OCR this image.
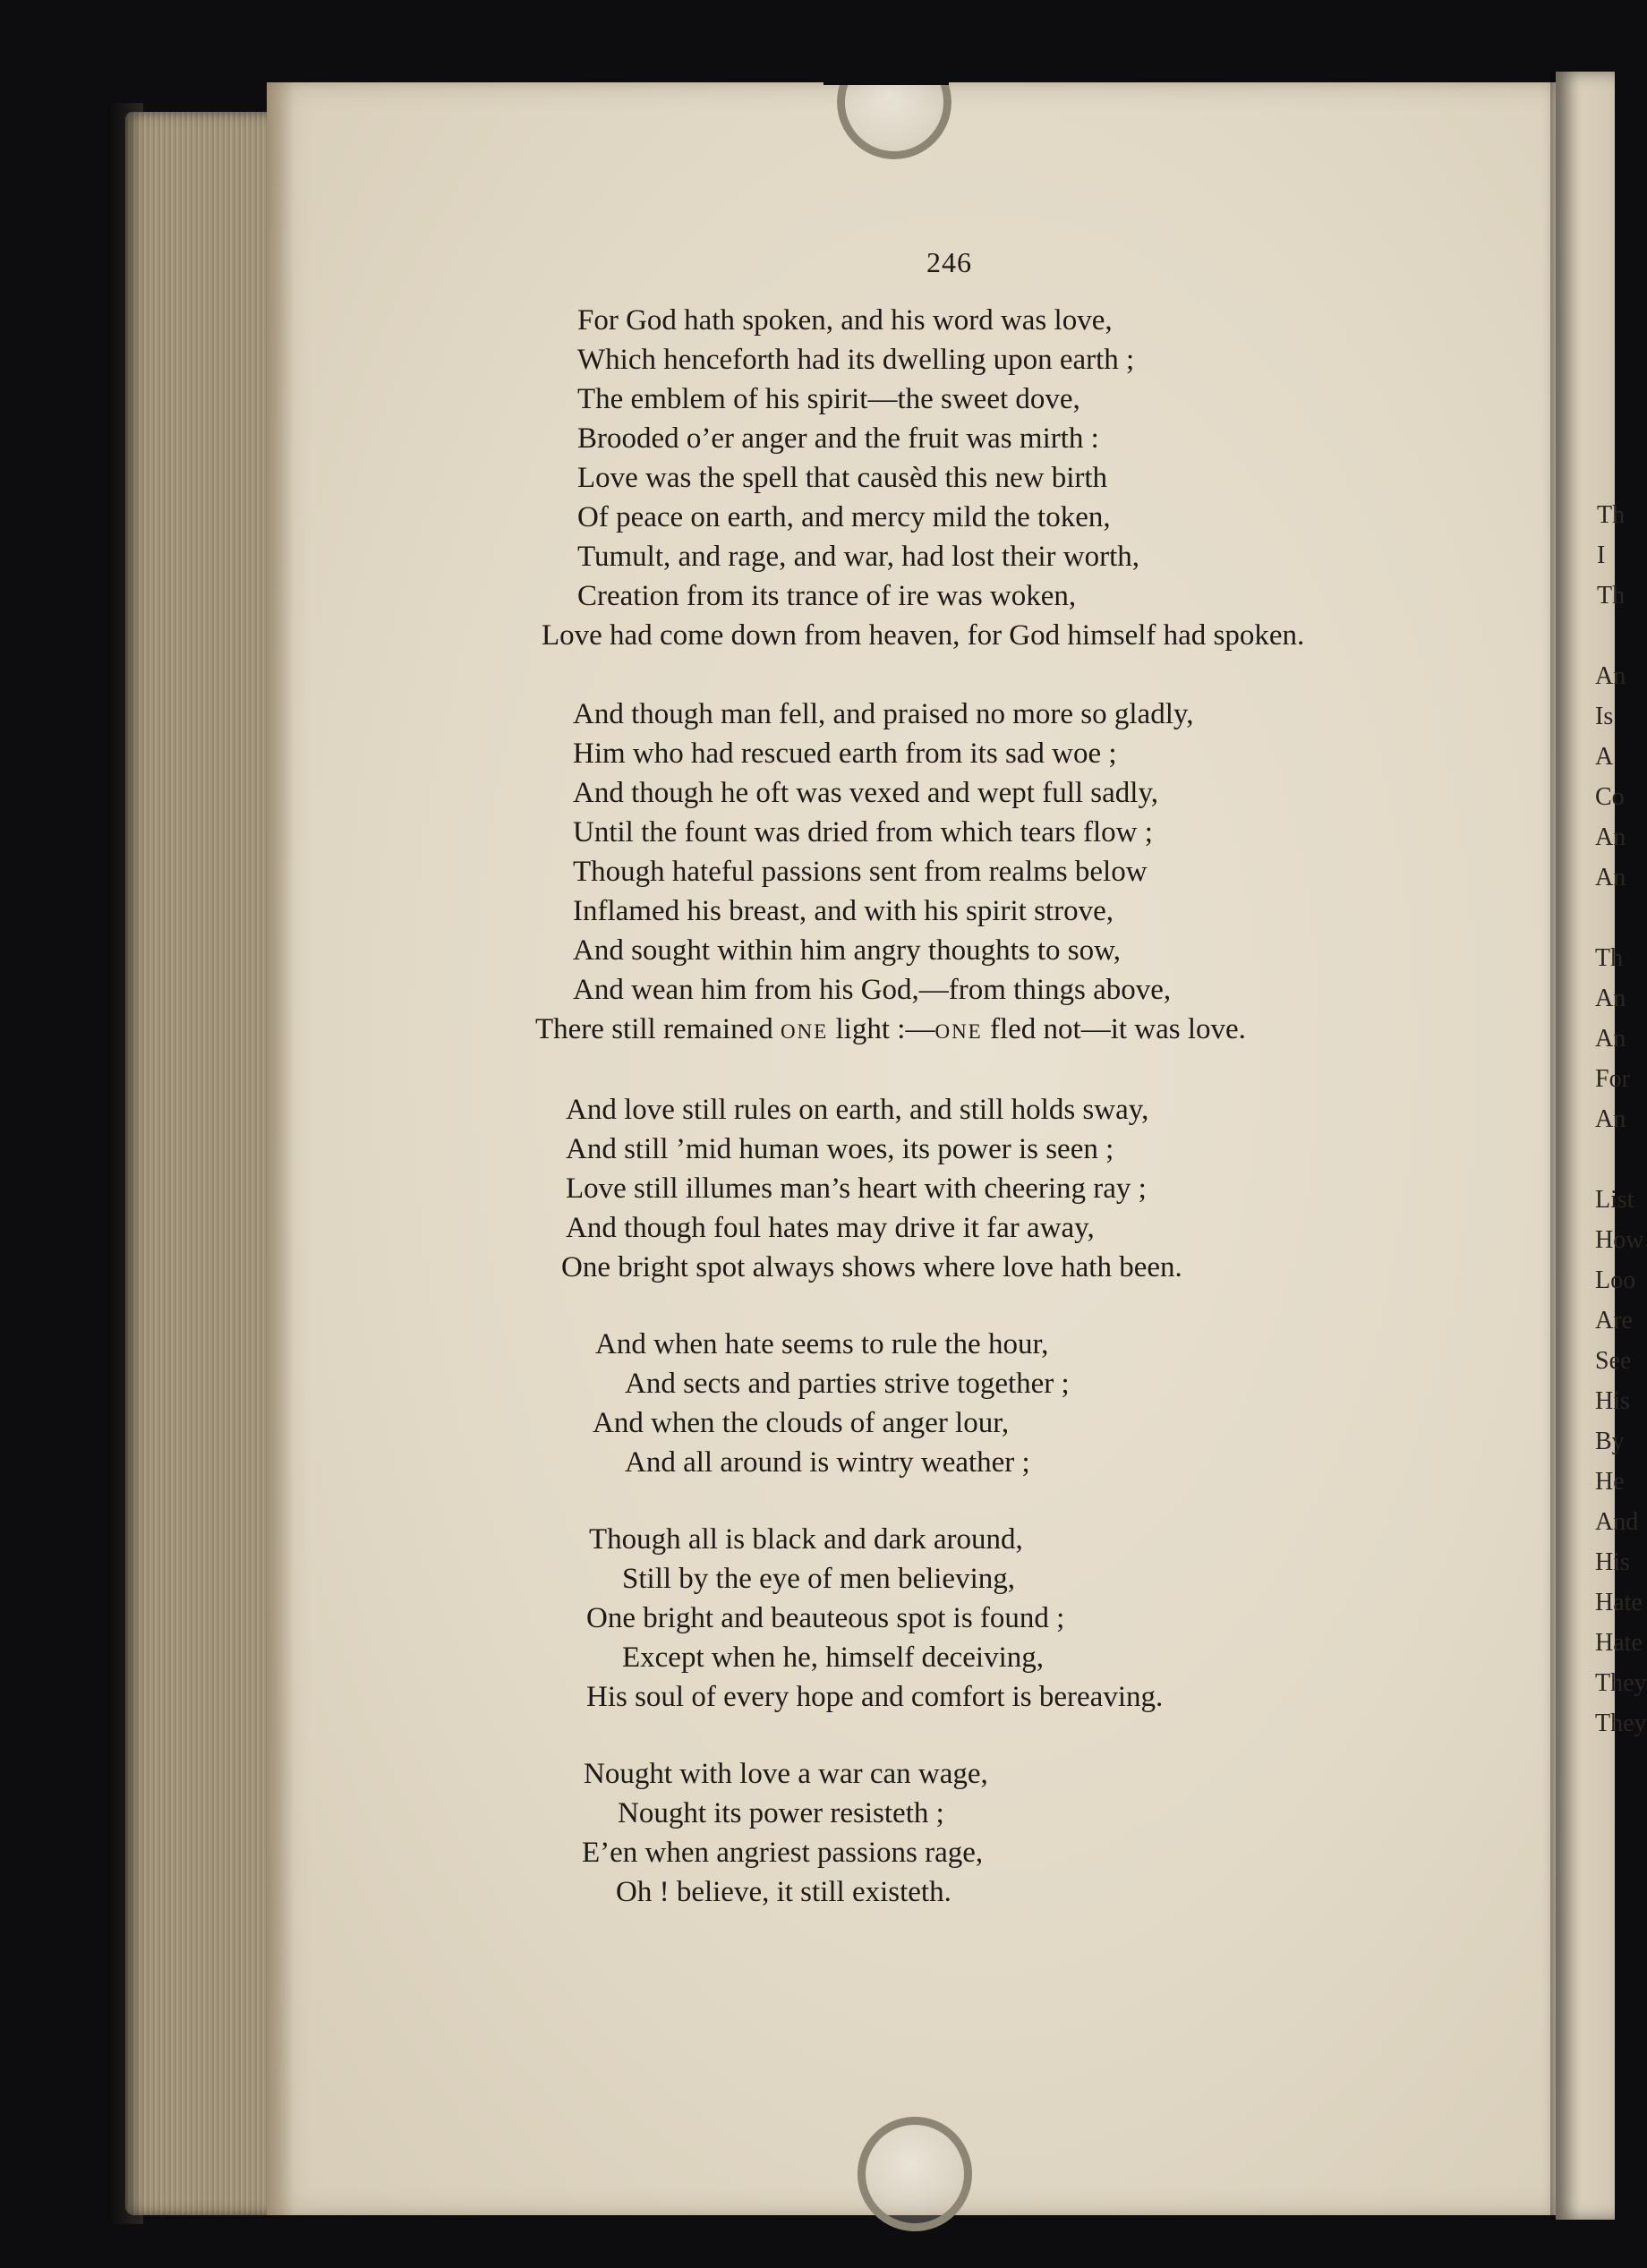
Th
I
Th
An
Is
A
Co
An
An
Th
An
An
For
An
List
How
Loo
Are
See
His
By
He
And
His
Hate
Hate
They
They
246
For God hath spoken, and his word was love,
Which henceforth had its dwelling upon earth ;
The emblem of his spirit—the sweet dove,
Brooded o’er anger and the fruit was mirth :
Love was the spell that causèd this new birth
Of peace on earth, and mercy mild the token,
Tumult, and rage, and war, had lost their worth,
Creation from its trance of ire was woken,
Love had come down from heaven, for God himself had spoken.
And though man fell, and praised no more so gladly,
Him who had rescued earth from its sad woe ;
And though he oft was vexed and wept full sadly,
Until the fount was dried from which tears flow ;
Though hateful passions sent from realms below
Inflamed his breast, and with his spirit strove,
And sought within him angry thoughts to sow,
And wean him from his God,—from things above,
There still remained one light :—one fled not—it was love.
And love still rules on earth, and still holds sway,
And still ’mid human woes, its power is seen ;
Love still illumes man’s heart with cheering ray ;
And though foul hates may drive it far away,
One bright spot always shows where love hath been.
And when hate seems to rule the hour,
And sects and parties strive together ;
And when the clouds of anger lour,
And all around is wintry weather ;
Though all is black and dark around,
Still by the eye of men believing,
One bright and beauteous spot is found ;
Except when he, himself deceiving,
His soul of every hope and comfort is bereaving.
Nought with love a war can wage,
Nought its power resisteth ;
E’en when angriest passions rage,
Oh ! believe, it still existeth.
